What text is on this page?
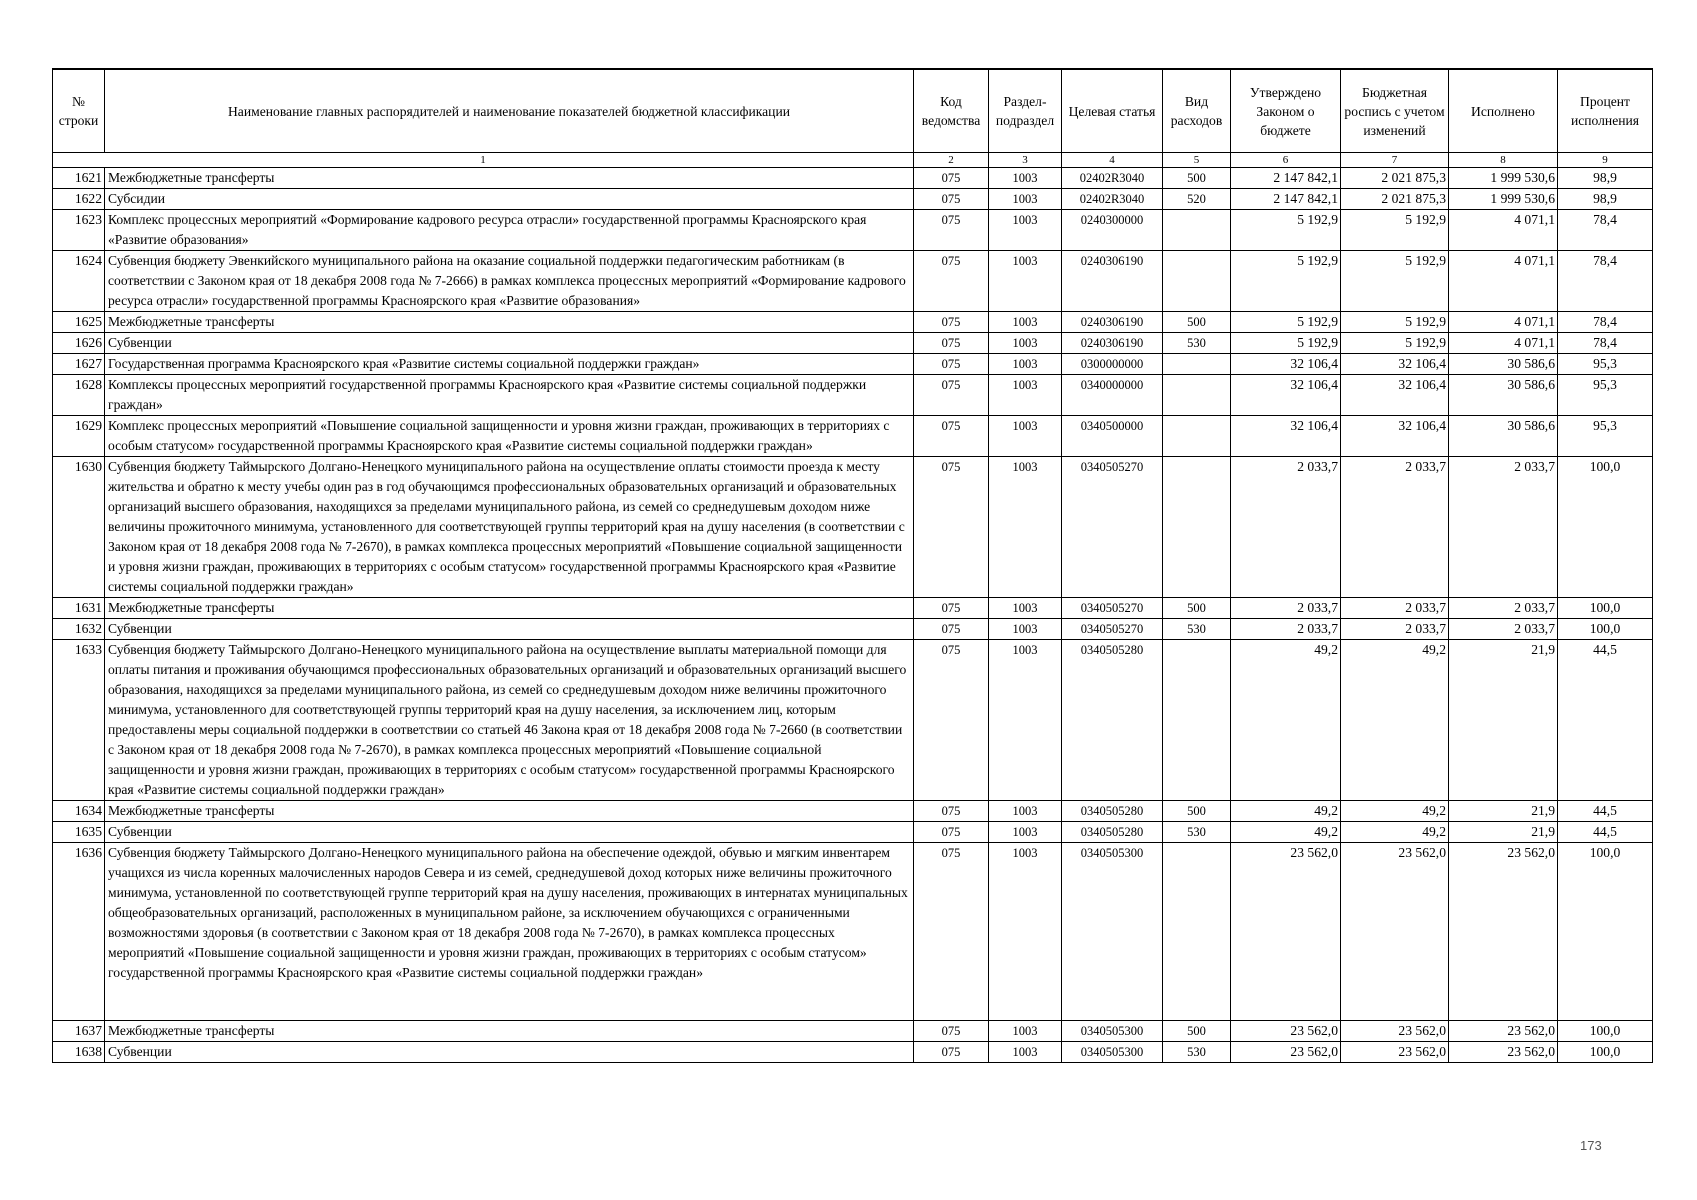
№ строки	Наименование главных распорядителей и наименование показателей бюджетной классификации	Код ведомства	Раздел-подраздел	Целевая статья	Вид расходов	Утверждено Законом о бюджете	Бюджетная роспись с учетом изменений	Исполнено	Процент исполнения
1		2	3	4	5	6	7	8	9
1621	Межбюджетные трансферты	075	1003	02402R3040	500	2 147 842,1	2 021 875,3	1 999 530,6	98,9
1622	Субсидии	075	1003	02402R3040	520	2 147 842,1	2 021 875,3	1 999 530,6	98,9
1623	Комплекс процессных мероприятий «Формирование кадрового ресурса отрасли» государственной программы Красноярского края «Развитие образования»	075	1003	0240300000		5 192,9	5 192,9	4 071,1	78,4
1624	Субвенция бюджету Эвенкийского муниципального района на оказание социальной поддержки педагогическим работникам (в соответствии с Законом края от 18 декабря 2008 года № 7-2666) в рамках комплекса процессных мероприятий «Формирование кадрового ресурса отрасли» государственной программы Красноярского края «Развитие образования»	075	1003	0240306190		5 192,9	5 192,9	4 071,1	78,4
1625	Межбюджетные трансферты	075	1003	0240306190	500	5 192,9	5 192,9	4 071,1	78,4
1626	Субвенции	075	1003	0240306190	530	5 192,9	5 192,9	4 071,1	78,4
1627	Государственная программа Красноярского края «Развитие системы социальной поддержки граждан»	075	1003	0300000000		32 106,4	32 106,4	30 586,6	95,3
1628	Комплексы процессных мероприятий государственной программы Красноярского края «Развитие системы социальной поддержки граждан»	075	1003	0340000000		32 106,4	32 106,4	30 586,6	95,3
1629	Комплекс процессных мероприятий «Повышение социальной защищенности и уровня жизни граждан, проживающих в территориях с особым статусом» государственной программы Красноярского края «Развитие системы социальной поддержки граждан»	075	1003	0340500000		32 106,4	32 106,4	30 586,6	95,3
1630	Субвенция бюджету Таймырского Долгано-Ненецкого муниципального района на осуществление оплаты стоимости проезда к месту жительства и обратно к месту учебы один раз в год обучающимся профессиональных образовательных организаций и образовательных организаций высшего образования, находящихся за пределами муниципального района, из семей со среднедушевым доходом ниже величины прожиточного минимума, установленного для соответствующей группы территорий края на душу населения (в соответствии с Законом края от 18 декабря 2008 года № 7-2670), в рамках комплекса процессных мероприятий «Повышение социальной защищенности и уровня жизни граждан, проживающих в территориях с особым статусом» государственной программы Красноярского края «Развитие системы социальной поддержки граждан»	075	1003	0340505270		2 033,7	2 033,7	2 033,7	100,0
1631	Межбюджетные трансферты	075	1003	0340505270	500	2 033,7	2 033,7	2 033,7	100,0
1632	Субвенции	075	1003	0340505270	530	2 033,7	2 033,7	2 033,7	100,0
1633	Субвенция бюджету Таймырского Долгано-Ненецкого муниципального района на осуществление выплаты материальной помощи для оплаты питания и проживания обучающимся профессиональных образовательных организаций и образовательных организаций высшего образования, находящихся за пределами муниципального района, из семей со среднедушевым доходом ниже величины прожиточного минимума, установленного для соответствующей группы территорий края на душу населения, за исключением лиц, которым предоставлены меры социальной поддержки в соответствии со статьей 46 Закона края от 18 декабря 2008 года № 7-2660 (в соответствии с Законом края от 18 декабря 2008 года № 7-2670), в рамках комплекса процессных мероприятий «Повышение социальной защищенности и уровня жизни граждан, проживающих в территориях с особым статусом» государственной программы Красноярского края «Развитие системы социальной поддержки граждан»	075	1003	0340505280		49,2	49,2	21,9	44,5
1634	Межбюджетные трансферты	075	1003	0340505280	500	49,2	49,2	21,9	44,5
1635	Субвенции	075	1003	0340505280	530	49,2	49,2	21,9	44,5
1636	Субвенция бюджету Таймырского Долгано-Ненецкого муниципального района на обеспечение одеждой, обувью и мягким инвентарем учащихся из числа коренных малочисленных народов Севера и из семей, среднедушевой доход которых ниже величины прожиточного минимума, установленной по соответствующей группе территорий края на душу населения, проживающих в интернатах муниципальных общеобразовательных организаций, расположенных в муниципальном районе, за исключением обучающихся с ограниченными возможностями здоровья (в соответствии с Законом края от 18 декабря 2008 года № 7-2670), в рамках комплекса процессных мероприятий «Повышение социальной защищенности и уровня жизни граждан, проживающих в территориях с особым статусом» государственной программы Красноярского края «Развитие системы социальной поддержки граждан»	075	1003	0340505300		23 562,0	23 562,0	23 562,0	100,0
1637	Межбюджетные трансферты	075	1003	0340505300	500	23 562,0	23 562,0	23 562,0	100,0
1638	Субвенции	075	1003	0340505300	530	23 562,0	23 562,0	23 562,0	100,0
173
